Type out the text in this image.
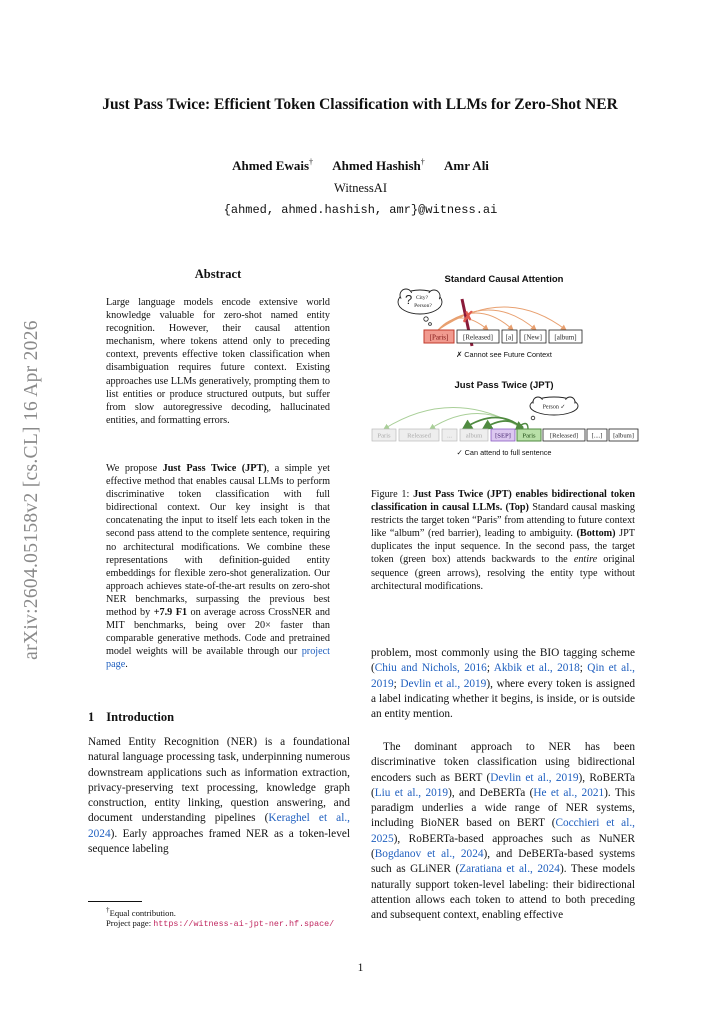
arXiv:2604.05158v2 [cs.CL] 16 Apr 2026
Just Pass Twice: Efficient Token Classification with LLMs for Zero-Shot NER
Ahmed Ewais† Ahmed Hashish† Amr Ali
WitnessAI
{ahmed, ahmed.hashish, amr}@witness.ai
Abstract
Large language models encode extensive world knowledge valuable for zero-shot named entity recognition. However, their causal attention mechanism, where tokens attend only to preceding context, prevents effective token classification when disambiguation requires future context. Existing approaches use LLMs generatively, prompting them to list entities or produce structured outputs, but suffer from slow autoregressive decoding, hallucinated entities, and formatting errors.
We propose Just Pass Twice (JPT), a simple yet effective method that enables causal LLMs to perform discriminative token classification with full bidirectional context. Our key insight is that concatenating the input to itself lets each token in the second pass attend to the complete sentence, requiring no architectural modifications. We combine these representations with definition-guided entity embeddings for flexible zero-shot generalization. Our approach achieves state-of-the-art results on zero-shot NER benchmarks, surpassing the previous best method by +7.9 F1 on average across CrossNER and MIT benchmarks, being over 20× faster than comparable generative methods. Code and pretrained model weights will be available through our project page.
1 Introduction
Named Entity Recognition (NER) is a foundational natural language processing task, underpinning numerous downstream applications such as information extraction, privacy-preserving text processing, knowledge graph construction, entity linking, question answering, and document understanding pipelines (Keraghel et al., 2024). Early approaches framed NER as a token-level sequence labeling
†Equal contribution.
Project page: https://witness-ai-jpt-ner.hf.space/
Standard Causal Attention
? City?
Person?
✗
[Paris] [Released] [a] [New] [album]
✗ Cannot see Future Context
Just Pass Twice (JPT)
Person ✓
Paris	Released ... album [SEP] Paris [Released] [....] [album]
✓ Can attend to full sentence
Figure 1: Just Pass Twice (JPT) enables bidirectional token classification in causal LLMs. (Top) Standard causal masking restricts the target token “Paris” from attending to future context like “album” (red barrier), leading to ambiguity. (Bottom) JPT duplicates the input sequence. In the second pass, the target token (green box) attends backwards to the entire original sequence (green arrows), resolving the entity type without architectural modifications.
problem, most commonly using the BIO tagging scheme (Chiu and Nichols, 2016; Akbik et al., 2018; Qin et al., 2019; Devlin et al., 2019), where every token is assigned a label indicating whether it begins, is inside, or is outside an entity mention.
The dominant approach to NER has been discriminative token classification using bidirectional encoders such as BERT (Devlin et al., 2019), RoBERTa (Liu et al., 2019), and DeBERTa (He et al., 2021). This paradigm underlies a wide range of NER systems, including BioNER based on BERT (Cocchieri et al., 2025), RoBERTa-based approaches such as NuNER (Bogdanov et al., 2024), and DeBERTa-based systems such as GLiNER (Zaratiana et al., 2024). These models naturally support token-level labeling: their bidirectional attention allows each token to attend to both preceding and subsequent context, enabling effective
1
